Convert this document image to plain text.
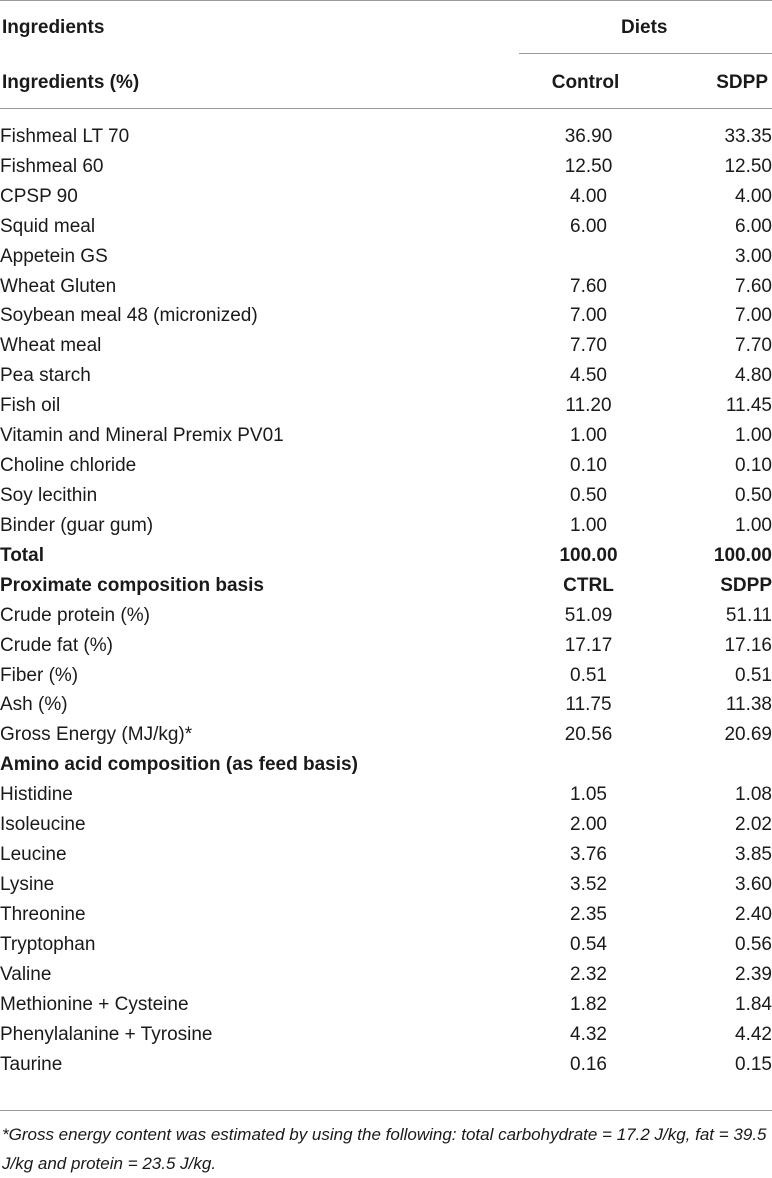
Ingredients	Diets
Ingredients (%)	Control	SDPP
Fishmeal LT 70	36.90	33.35
Fishmeal 60	12.50	12.50
CPSP 90	4.00	4.00
Squid meal	6.00	6.00
Appetein GS		3.00
Wheat Gluten	7.60	7.60
Soybean meal 48 (micronized)	7.00	7.00
Wheat meal	7.70	7.70
Pea starch	4.50	4.80
Fish oil	11.20	11.45
Vitamin and Mineral Premix PV01	1.00	1.00
Choline chloride	0.10	0.10
Soy lecithin	0.50	0.50
Binder (guar gum)	1.00	1.00
Total	100.00	100.00
Proximate composition basis	CTRL	SDPP
Crude protein (%)	51.09	51.11
Crude fat (%)	17.17	17.16
Fiber (%)	0.51	0.51
Ash (%)	11.75	11.38
Gross Energy (MJ/kg)*	20.56	20.69
Amino acid composition (as feed basis)		
Histidine	1.05	1.08
Isoleucine	2.00	2.02
Leucine	3.76	3.85
Lysine	3.52	3.60
Threonine	2.35	2.40
Tryptophan	0.54	0.56
Valine	2.32	2.39
Methionine + Cysteine	1.82	1.84
Phenylalanine + Tyrosine	4.32	4.42
Taurine	0.16	0.15
*Gross energy content was estimated by using the following: total carbohydrate = 17.2 J/kg, fat = 39.5 J/kg and protein = 23.5 J/kg.
